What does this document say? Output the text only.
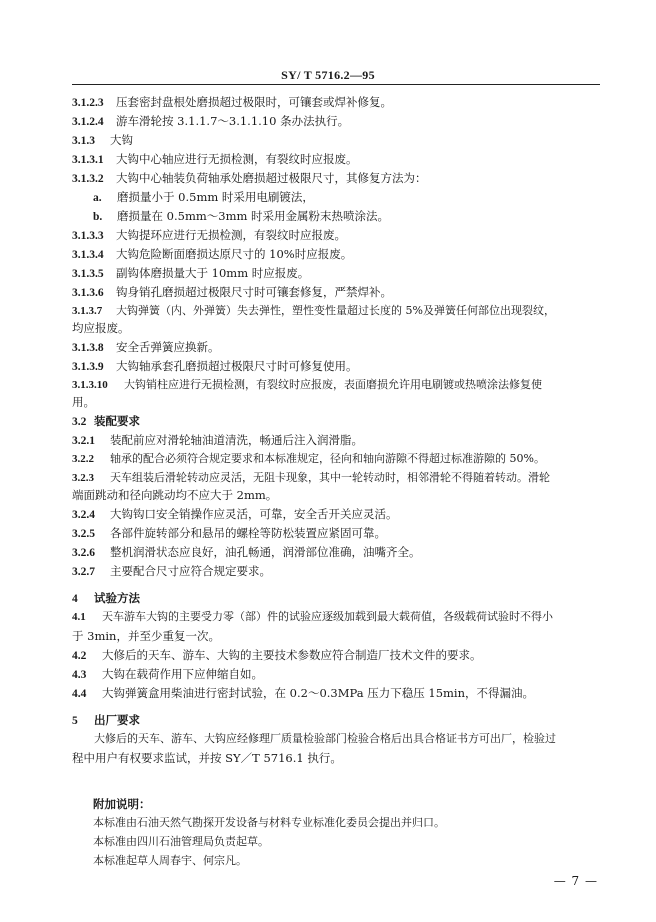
SY/ T 5716.2—95
3.1.2.3 压套密封盘根处磨损超过极限时，可镶套或焊补修复。
3.1.2.4 游车滑轮按 3.1.1.7～3.1.1.10 条办法执行。
3.1.3 大钩
3.1.3.1 大钩中心轴应进行无损检测，有裂纹时应报废。
3.1.3.2 大钩中心轴装负荷轴承处磨损超过极限尺寸，其修复方法为：
a. 磨损量小于 0.5mm 时采用电刷镀法，
b. 磨损量在 0.5mm～3mm 时采用金属粉末热喷涂法。
3.1.3.3 大钩提环应进行无损检测，有裂纹时应报废。
3.1.3.4 大钩危险断面磨损达原尺寸的 10%时应报废。
3.1.3.5 副钩体磨损量大于 10mm 时应报废。
3.1.3.6 钩身销孔磨损超过极限尺寸时可镶套修复，严禁焊补。
3.1.3.7 大钩弹簧（内、外弹簧）失去弹性，塑性变性量超过长度的 5%及弹簧任何部位出现裂纹，
均应报废。
3.1.3.8 安全舌弹簧应换新。
3.1.3.9 大钩轴承套孔磨损超过极限尺寸时可修复使用。
3.1.3.10 大钩销柱应进行无损检测，有裂纹时应报废，表面磨损允许用电刷镀或热喷涂法修复使
用。
3.2 装配要求
3.2.1 装配前应对滑轮轴油道清洗，畅通后注入润滑脂。
3.2.2 轴承的配合必须符合规定要求和本标准规定，径向和轴向游隙不得超过标准游隙的 50%。
3.2.3 天车组装后滑轮转动应灵活，无阻卡现象，其中一轮转动时，相邻滑轮不得随着转动。滑轮
端面跳动和径向跳动均不应大于 2mm。
3.2.4 大钩钩口安全销操作应灵活，可靠，安全舌开关应灵活。
3.2.5 各部件旋转部分和悬吊的螺栓等防松装置应紧固可靠。
3.2.6 整机润滑状态应良好，油孔畅通，润滑部位准确，油嘴齐全。
3.2.7 主要配合尺寸应符合规定要求。
4 试验方法
4.1 天车游车大钩的主要受力零（部）件的试验应逐级加载到最大载荷值，各级载荷试验时不得小
于 3min，并至少重复一次。
4.2 大修后的天车、游车、大钩的主要技术参数应符合制造厂技术文件的要求。
4.3 大钩在载荷作用下应伸缩自如。
4.4 大钩弹簧盒用柴油进行密封试验，在 0.2～0.3MPa 压力下稳压 15min，不得漏油。
5 出厂要求
大修后的天车、游车、大钩应经修理厂质量检验部门检验合格后出具合格证书方可出厂，检验过
程中用户有权要求监试，并按 SY／T 5716.1 执行。
附加说明：
本标准由石油天然气勘探开发设备与材料专业标准化委员会提出并归口。
本标准由四川石油管理局负责起草。
本标准起草人周春宇、何宗凡。
— 7 —
